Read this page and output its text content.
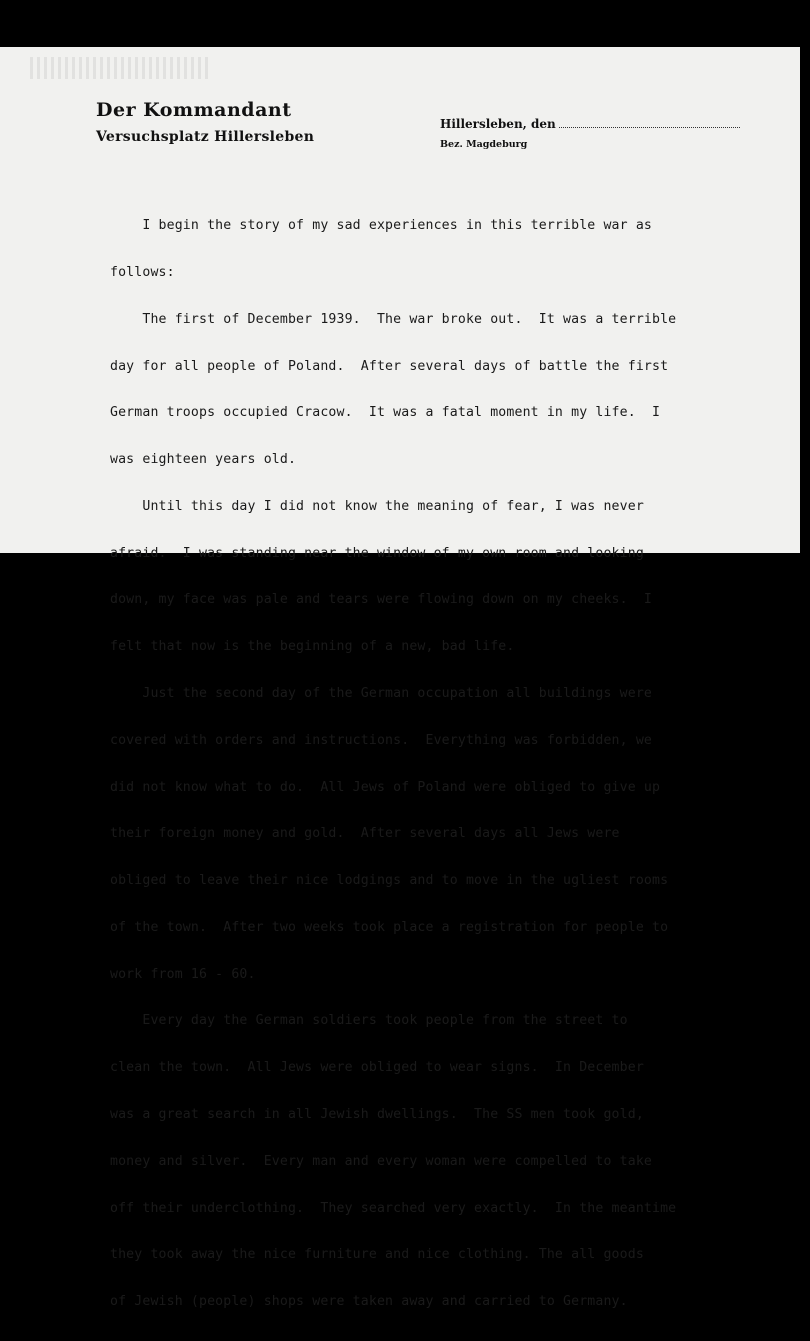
Der Kommandant
Versuchsplatz Hillersleben
Hillersleben, den
Bez. Magdeburg

I begin the story of my sad experiences in this terrible war as

follows:

The first of December 1939.  The war broke out.  It was a terrible

day for all people of Poland.  After several days of battle the first

German troops occupied Cracow.  It was a fatal moment in my life.  I

was eighteen years old.

Until this day I did not know the meaning of fear, I was never

afraid.  I was standing near the window of my own room and looking

down, my face was pale and tears were flowing down on my cheeks.  I

felt that now is the beginning of a new, bad life.

Just the second day of the German occupation all buildings were

covered with orders and instructions.  Everything was forbidden, we

did not know what to do.  All Jews of Poland were obliged to give up

their foreign money and gold.  After several days all Jews were

obliged to leave their nice lodgings and to move in the ugliest rooms

of the town.  After two weeks took place a registration for people to

work from 16 - 60.

Every day the German soldiers took people from the street to

clean the town.  All Jews were obliged to wear signs.  In December

was a great search in all Jewish dwellings.  The SS men took gold,

money and silver.  Every man and every woman were compelled to take

off their underclothing.  They searched very exactly.  In the meantime

they took away the nice furniture and nice clothing. The all goods

of Jewish (people) shops were taken away and carried to Germany.
